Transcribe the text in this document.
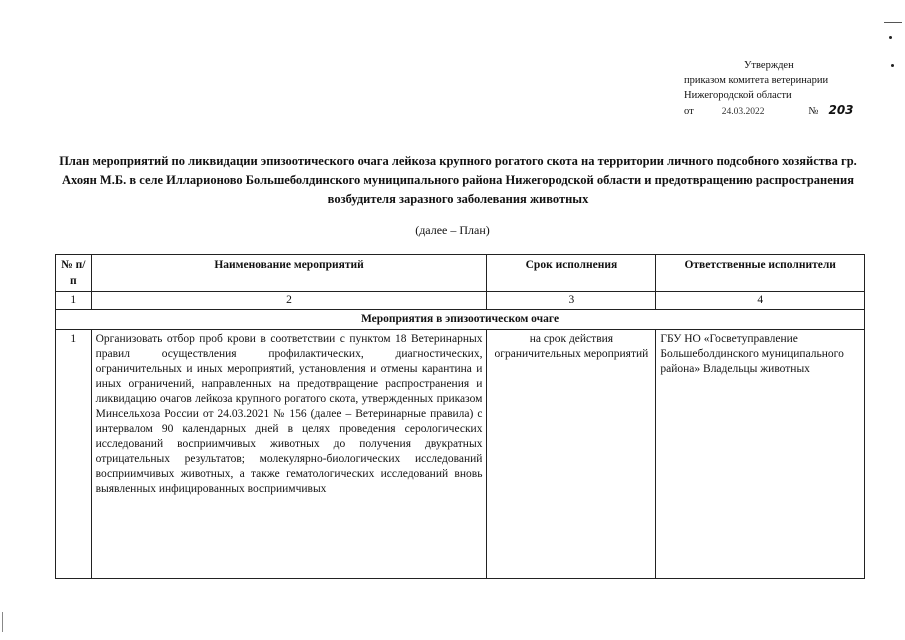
Утвержден
приказом комитета ветеринарии
Нижегородской области
от	24.03.2022	№ 203
План мероприятий по ликвидации эпизоотического очага лейкоза крупного рогатого скота на территории личного подсобного хозяйства гр. Ахоян М.Б. в селе Илларионово Большеболдинского муниципального района Нижегородской области и предотвращению распространения возбудителя заразного заболевания животных
(далее – План)
№ п/п	Наименование мероприятий	Срок исполнения	Ответственные исполнители
1	2	3	4
Мероприятия в эпизоотическом очаге			
1	Организовать отбор проб крови в соответствии с пунктом 18 Ветеринарных правил осуществления профилактических, диагностических, ограничительных и иных мероприятий, установления и отмены карантина и иных ограничений, направленных на предотвращение распространения и ликвидацию очагов лейкоза крупного рогатого скота, утвержденных приказом Минсельхоза России от 24.03.2021 № 156 (далее – Ветеринарные правила) с интервалом 90 календарных дней в целях проведения серологических исследований восприимчивых животных до получения двукратных отрицательных результатов; молекулярно-биологических исследований восприимчивых животных, а также гематологических исследований вновь выявленных инфицированных восприимчивых	на срок действия ограничительных мероприятий	ГБУ НО «Госветуправление Большеболдинского муниципального района» Владельцы животных
